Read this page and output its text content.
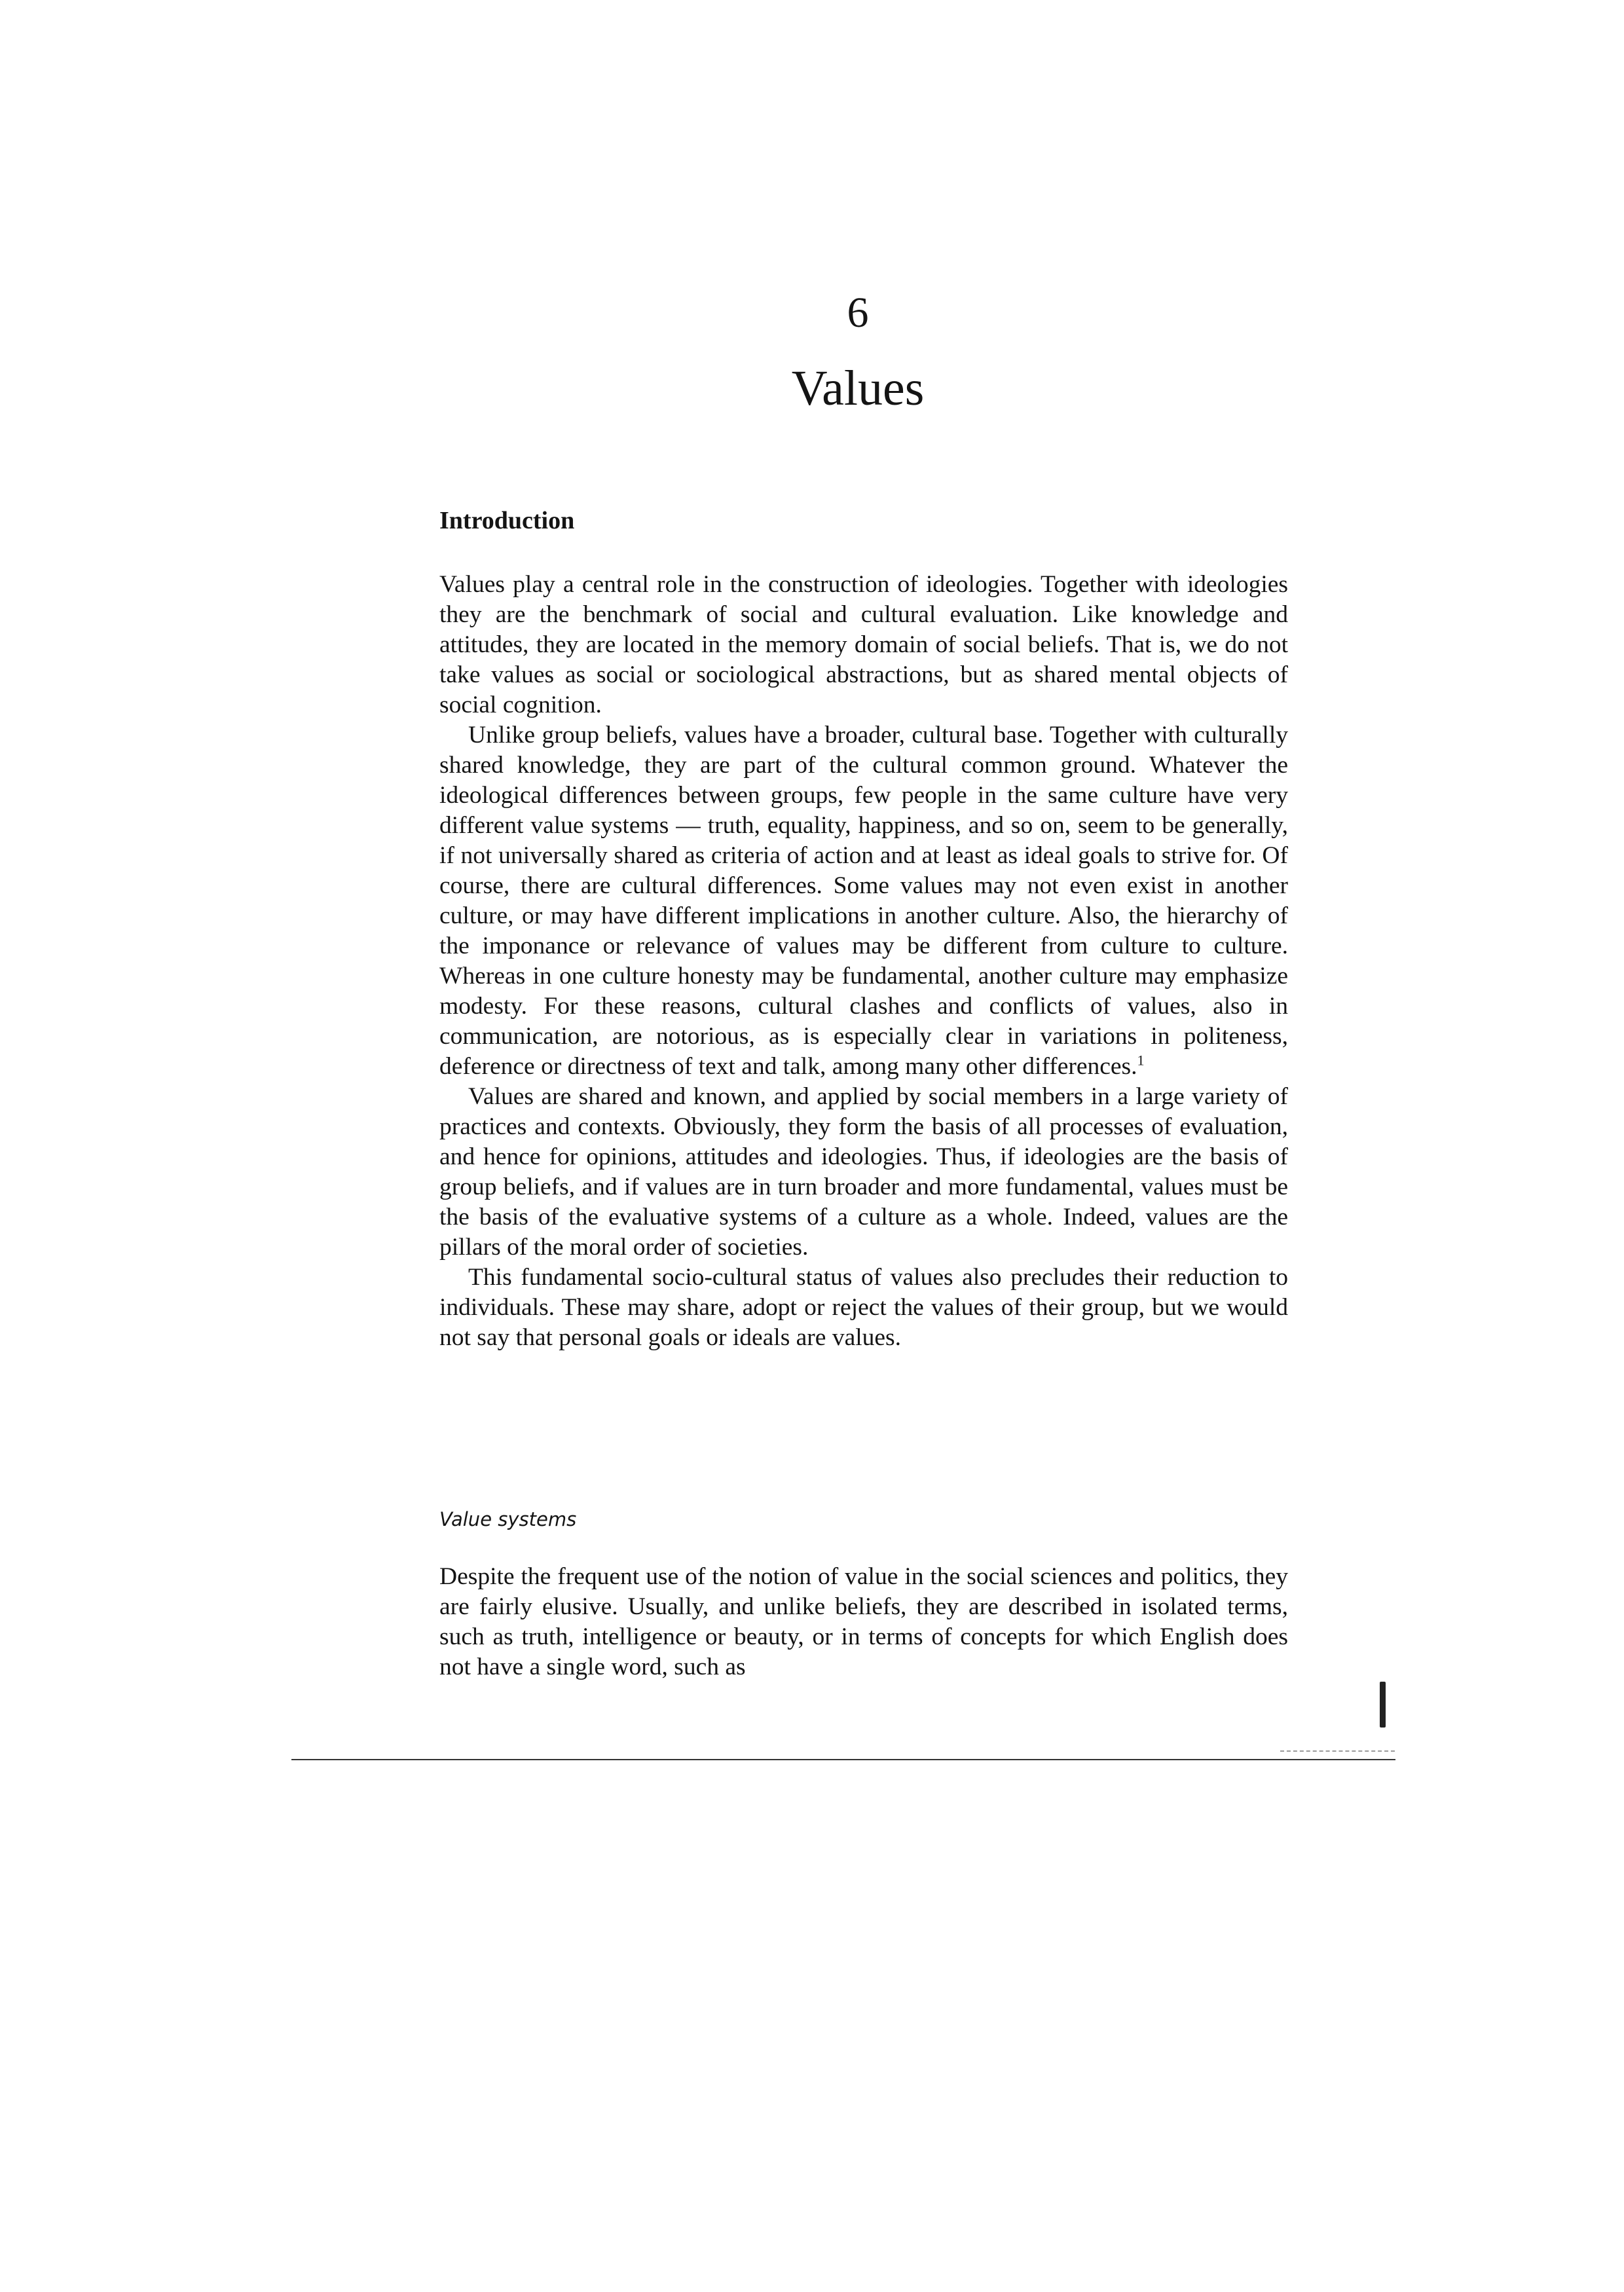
6
Values
Introduction

Values play a central role in the construction of ideologies. Together with ideologies they are the benchmark of social and cultural evaluation. Like knowledge and attitudes, they are located in the memory domain of social beliefs. That is, we do not take values as social or sociological abstractions, but as shared mental objects of social cognition.

Unlike group beliefs, values have a broader, cultural base. Together with culturally shared knowledge, they are part of the cultural common ground. Whatever the ideological differences between groups, few people in the same culture have very different value systems — truth, equality, happiness, and so on, seem to be generally, if not universally shared as criteria of action and at least as ideal goals to strive for. Of course, there are cultural differences. Some values may not even exist in another culture, or may have different implications in another culture. Also, the hierarchy of the imponance or relevance of values may be different from culture to culture. Whereas in one culture honesty may be fundamental, another culture may emphasize modesty. For these reasons, cultural clashes and conflicts of values, also in communication, are notorious, as is especially clear in variations in politeness, deference or directness of text and talk, among many other differences.$^1$

Values are shared and known, and applied by social members in a large variety of practices and contexts. Obviously, they form the basis of all processes of evaluation, and hence for opinions, attitudes and ideologies. Thus, if ideologies are the basis of group beliefs, and if values are in turn broader and more fundamental, values must be the basis of the evaluative systems of a culture as a whole. Indeed, values are the pillars of the moral order of societies.

This fundamental socio-cultural status of values also precludes their reduction to individuals. These may share, adopt or reject the values of their group, but we would not say that personal goals or ideals are values.

Value systems

Despite the frequent use of the notion of value in the social sciences and politics, they are fairly elusive. Usually, and unlike beliefs, they are described in isolated terms, such as truth, intelligence or beauty, or in terms of concepts for which English does not have a single word, such as
